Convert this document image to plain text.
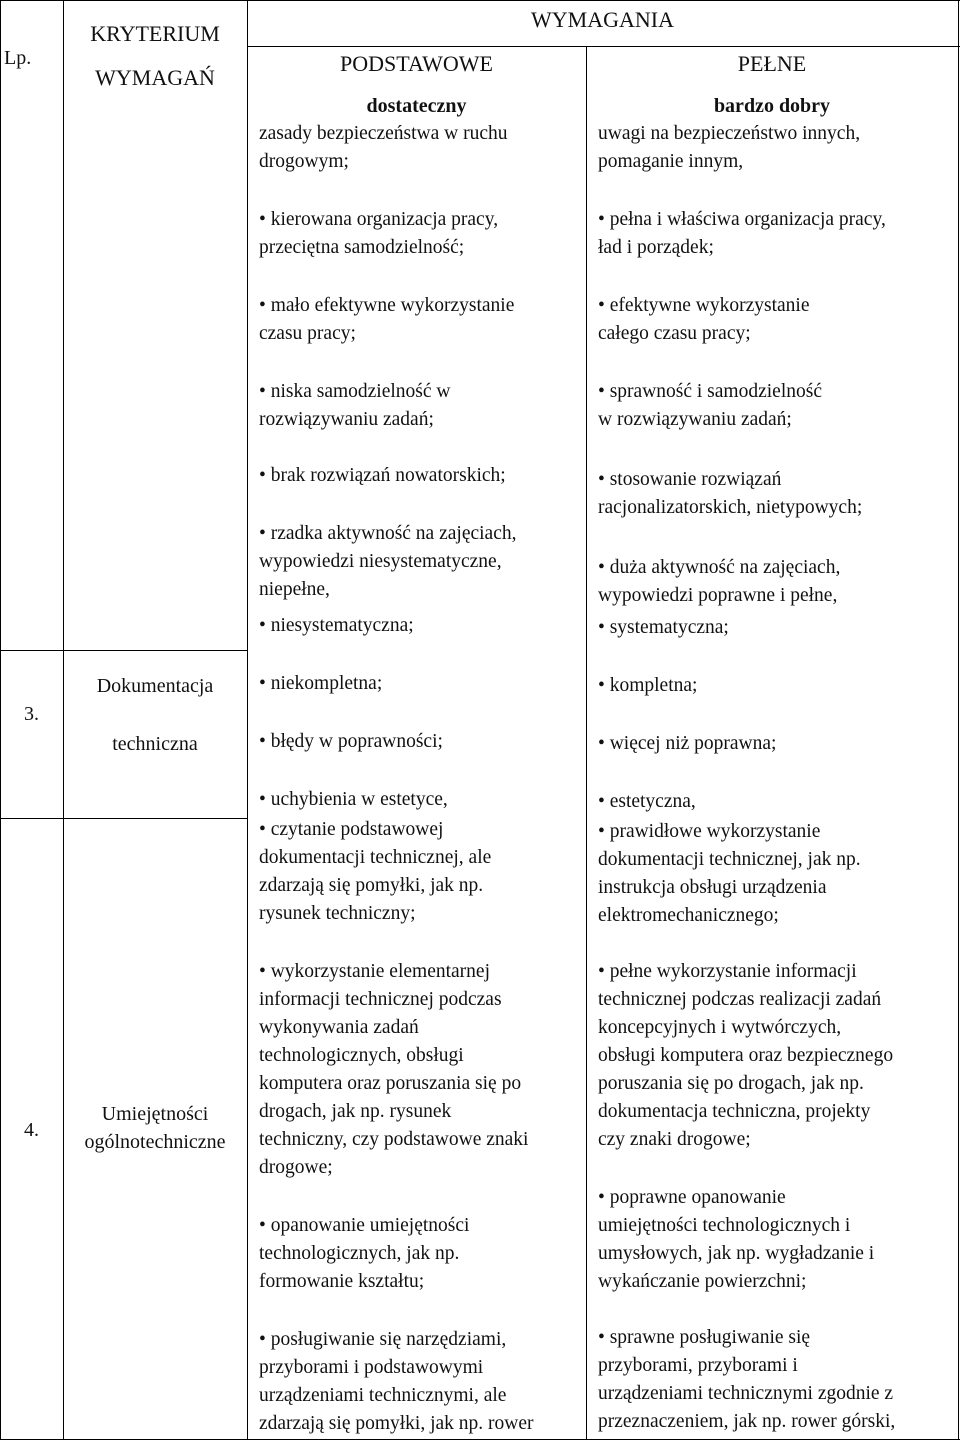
Lp.
KRYTERIUM
WYMAGAŃ
WYMAGANIA
PODSTAWOWE
dostateczny
PEŁNE
bardzo dobry
zasady bezpieczeństwa w ruchu
drogowym;
• kierowana organizacja pracy,
przeciętna samodzielność;
• mało efektywne wykorzystanie
czasu pracy;
• niska samodzielność w
rozwiązywaniu zadań;
• brak rozwiązań nowatorskich;
• rzadka aktywność na zajęciach,
wypowiedzi niesystematyczne,
niepełne,
• niesystematyczna;
uwagi na bezpieczeństwo innych,
pomaganie innym,
• pełna i właściwa organizacja pracy,
ład i porządek;
• efektywne wykorzystanie
całego czasu pracy;
• sprawność i samodzielność
w rozwiązywaniu zadań;
• stosowanie rozwiązań
racjonalizatorskich, nietypowych;
• duża aktywność na zajęciach,
wypowiedzi poprawne i pełne,
• systematyczna;
3.
Dokumentacja
techniczna
• niekompletna;
• błędy w poprawności;
• uchybienia w estetyce,
• czytanie podstawowej
dokumentacji technicznej, ale
zdarzają się pomyłki, jak np.
rysunek techniczny;
• kompletna;
• więcej niż poprawna;
• estetyczna,
• prawidłowe wykorzystanie
dokumentacji technicznej, jak np.
instrukcja obsługi urządzenia
elektromechanicznego;
4.
Umiejętności
ogólnotechniczne
• wykorzystanie elementarnej
informacji technicznej podczas
wykonywania zadań
technologicznych, obsługi
komputera oraz poruszania się po
drogach, jak np. rysunek
techniczny, czy podstawowe znaki
drogowe;
• opanowanie umiejętności
technologicznych, jak np.
formowanie kształtu;
• posługiwanie się narzędziami,
przyborami i podstawowymi
urządzeniami technicznymi, ale
zdarzają się pomyłki, jak np. rower
• pełne wykorzystanie informacji
technicznej podczas realizacji zadań
koncepcyjnych i wytwórczych,
obsługi komputera oraz bezpiecznego
poruszania się po drogach, jak np.
dokumentacja techniczna, projekty
czy znaki drogowe;
• poprawne opanowanie
umiejętności technologicznych i
umysłowych, jak np. wygładzanie i
wykańczanie powierzchni;
• sprawne posługiwanie się
przyborami, przyborami i
urządzeniami technicznymi zgodnie z
przeznaczeniem, jak np. rower górski,
